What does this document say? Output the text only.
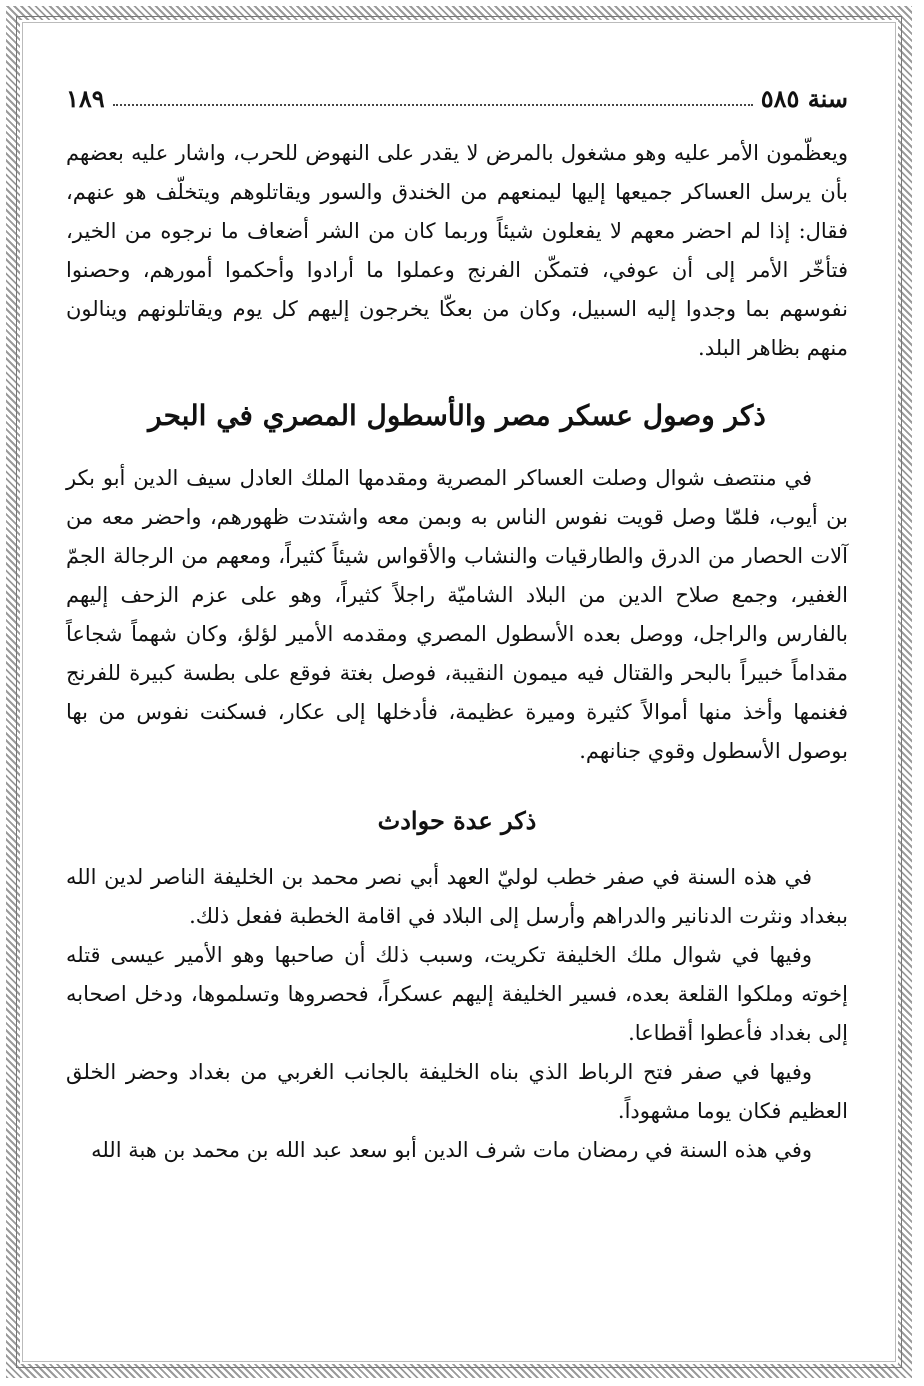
سنة ٥٨٥
١٨٩

ويعظّمون الأمر عليه وهو مشغول بالمرض لا يقدر على النهوض للحرب، واشار عليه بعضهم بأن يرسل العساكر جميعها إليها ليمنعهم من الخندق والسور ويقاتلوهم ويتخلّف هو عنهم، فقال: إذا لم احضر معهم لا يفعلون شيئاً وربما كان من الشر أضعاف ما نرجوه من الخير، فتأخّر الأمر إلى أن عوفي، فتمكّن الفرنج وعملوا ما أرادوا وأحكموا أمورهم، وحصنوا نفوسهم بما وجدوا إليه السبيل، وكان من بعكّا يخرجون إليهم كل يوم ويقاتلونهم وينالون منهم بظاهر البلد.

ذكر وصول عسكر مصر والأسطول المصري في البحر

في منتصف شوال وصلت العساكر المصرية ومقدمها الملك العادل سيف الدين أبو بكر بن أيوب، فلمّا وصل قويت نفوس الناس به وبمن معه واشتدت ظهورهم، واحضر معه من آلات الحصار من الدرق والطارقيات والنشاب والأقواس شيئاً كثيراً، ومعهم من الرجالة الجمّ الغفير، وجمع صلاح الدين من البلاد الشاميّة راجلاً كثيراً، وهو على عزم الزحف إليهم بالفارس والراجل، ووصل بعده الأسطول المصري ومقدمه الأمير لؤلؤ، وكان شهماً شجاعاً مقداماً خبيراً بالبحر والقتال فيه ميمون النقيبة، فوصل بغتة فوقع على بطسة كبيرة للفرنج فغنمها وأخذ منها أموالاً كثيرة وميرة عظيمة، فأدخلها إلى عكار، فسكنت نفوس من بها بوصول الأسطول وقوي جنانهم.

ذكر عدة حوادث

في هذه السنة في صفر خطب لوليّ العهد أبي نصر محمد بن الخليفة الناصر لدين الله ببغداد ونثرت الدنانير والدراهم وأرسل إلى البلاد في اقامة الخطبة ففعل ذلك.

وفيها في شوال ملك الخليفة تكريت، وسبب ذلك أن صاحبها وهو الأمير عيسى قتله إخوته وملكوا القلعة بعده، فسير الخليفة إليهم عسكراً، فحصروها وتسلموها، ودخل اصحابه إلى بغداد فأعطوا أقطاعا.

وفيها في صفر فتح الرباط الذي بناه الخليفة بالجانب الغربي من بغداد وحضر الخلق العظيم فكان يوما مشهوداً.

وفي هذه السنة في رمضان مات شرف الدين أبو سعد عبد الله بن محمد بن هبة الله
